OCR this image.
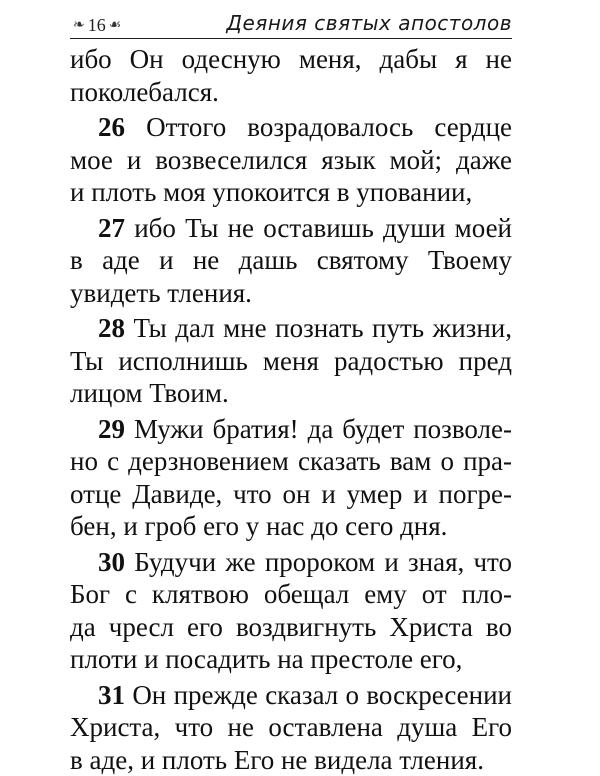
❧ 16 ☙	Деяния святых апостолов
ибо Он одесную меня, дабы я не
поколебался.
26 Оттого возрадовалось сердце
мое и возвеселился язык мой; даже
и плоть моя упокоится в уповании,
27 ибо Ты не оставишь души моей
в аде и не дашь святому Твоему
увидеть тления.
28 Ты дал мне познать путь жизни,
Ты исполнишь меня радостью пред
лицом Твоим.
29 Мужи братия! да будет позволе-
но с дерзновением сказать вам о пра-
отце Давиде, что он и умер и погре-
бен, и гроб его у нас до сего дня.
30 Будучи же пророком и зная, что
Бог с клятвою обещал ему от пло-
да чресл его воздвигнуть Христа во
плоти и посадить на престоле его,
31 Он прежде сказал о воскресении
Христа, что не оставлена душа Его
в аде, и плоть Его не видела тления.
